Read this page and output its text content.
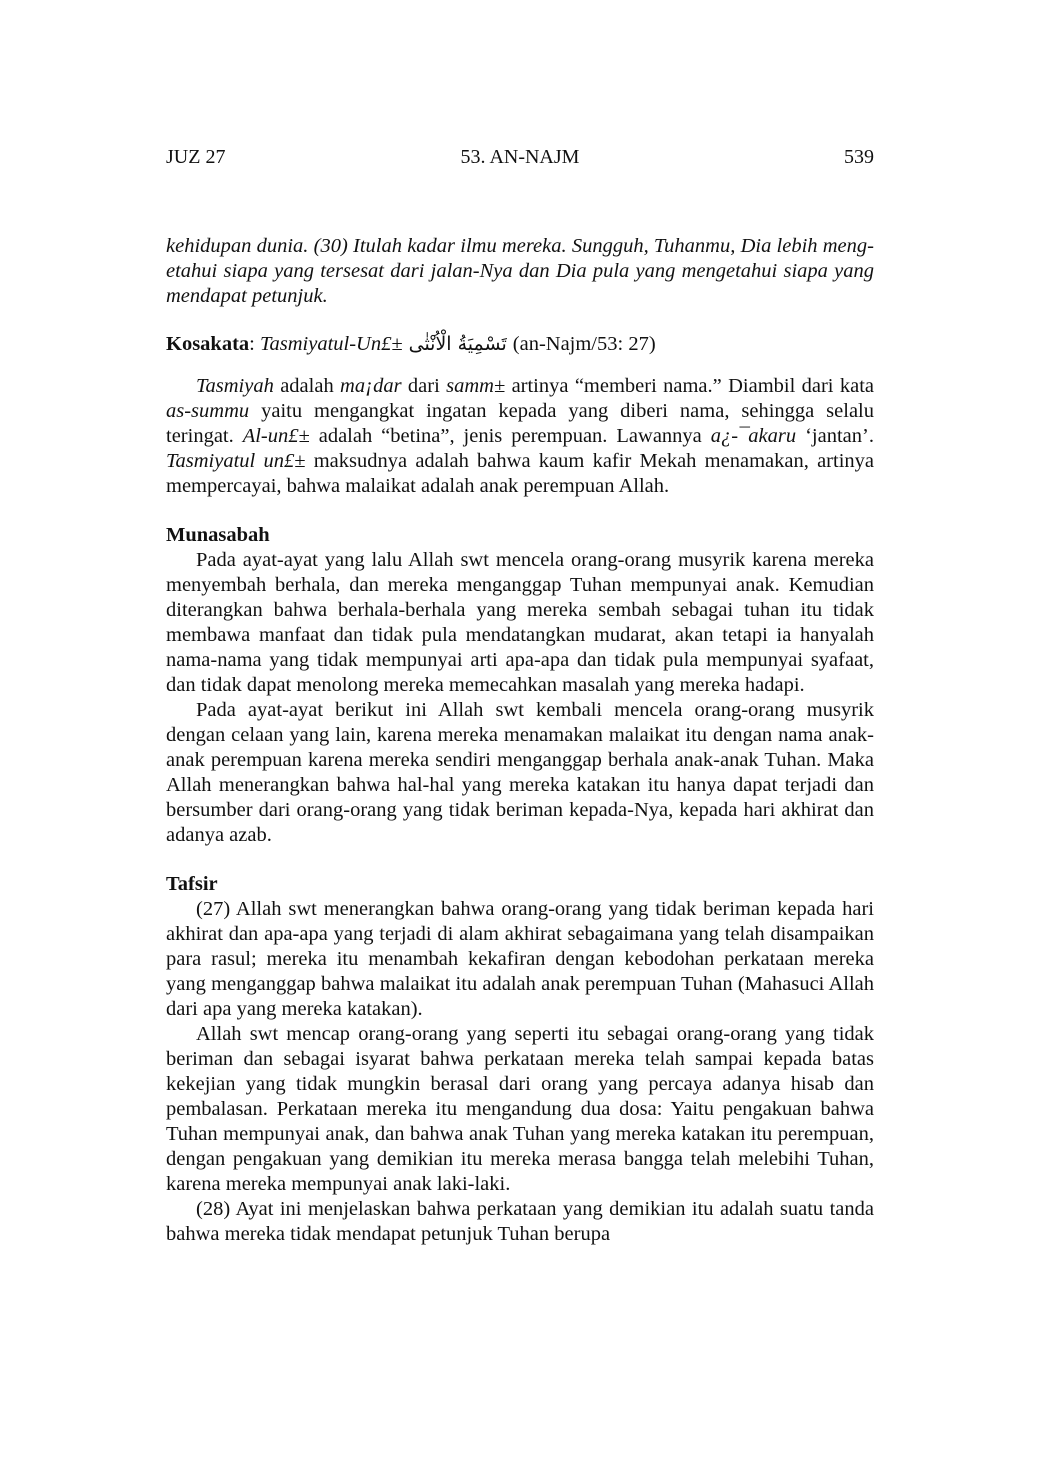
53. AN-NAJM
JUZ 27	539

kehidupan dunia. (30) Itulah kadar ilmu mereka. Sungguh, Tuhanmu, Dia lebih meng-etahui siapa yang tersesat dari jalan-Nya dan Dia pula yang mengetahui siapa yang mendapat petunjuk.

Kosakata: Tasmiyatul-Un£± تَسْمِيَةُ الْاُنْثٰى (an-Najm/53: 27)

Tasmiyah adalah ma¡dar dari samm± artinya “memberi nama.” Diambil dari kata as-summu yaitu mengangkat ingatan kepada yang diberi nama, sehingga selalu teringat. Al-un£± adalah “betina”, jenis perempuan. Lawannya a¿-¯akaru ‘jantan’. Tasmiyatul un£± maksudnya adalah bahwa kaum kafir Mekah menamakan, artinya mempercayai, bahwa malaikat adalah anak perempuan Allah.

Munasabah

Pada ayat-ayat yang lalu Allah swt mencela orang-orang musyrik karena mereka menyembah berhala, dan mereka menganggap Tuhan mempunyai anak. Kemudian diterangkan bahwa berhala-berhala yang mereka sembah sebagai tuhan itu tidak membawa manfaat dan tidak pula mendatangkan mudarat, akan tetapi ia hanyalah nama-nama yang tidak mempunyai arti apa-apa dan tidak pula mempunyai syafaat, dan tidak dapat menolong mereka memecahkan masalah yang mereka hadapi.

Pada ayat-ayat berikut ini Allah swt kembali mencela orang-orang musyrik dengan celaan yang lain, karena mereka menamakan malaikat itu dengan nama anak-anak perempuan karena mereka sendiri menganggap berhala anak-anak Tuhan. Maka Allah menerangkan bahwa hal-hal yang mereka katakan itu hanya dapat terjadi dan bersumber dari orang-orang yang tidak beriman kepada-Nya, kepada hari akhirat dan adanya azab.

Tafsir

(27) Allah swt menerangkan bahwa orang-orang yang tidak beriman kepada hari akhirat dan apa-apa yang terjadi di alam akhirat sebagaimana yang telah disampaikan para rasul; mereka itu menambah kekafiran dengan kebodohan perkataan mereka yang menganggap bahwa malaikat itu adalah anak perempuan Tuhan (Mahasuci Allah dari apa yang mereka katakan).

Allah swt mencap orang-orang yang seperti itu sebagai orang-orang yang tidak beriman dan sebagai isyarat bahwa perkataan mereka telah sampai kepada batas kekejian yang tidak mungkin berasal dari orang yang percaya adanya hisab dan pembalasan. Perkataan mereka itu mengandung dua dosa: Yaitu pengakuan bahwa Tuhan mempunyai anak, dan bahwa anak Tuhan yang mereka katakan itu perempuan, dengan pengakuan yang demikian itu mereka merasa bangga telah melebihi Tuhan, karena mereka mempunyai anak laki-laki.

(28) Ayat ini menjelaskan bahwa perkataan yang demikian itu adalah suatu tanda bahwa mereka tidak mendapat petunjuk Tuhan berupa
